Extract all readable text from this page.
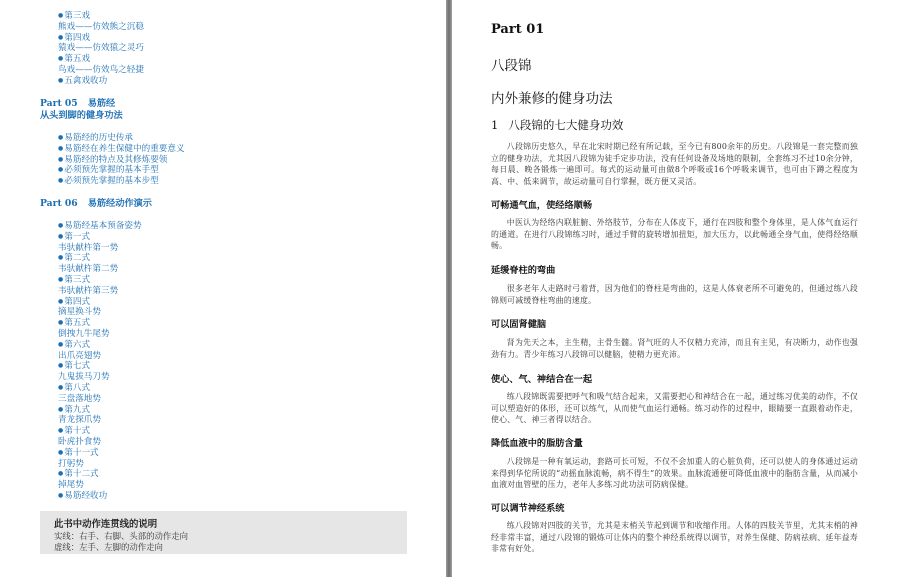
● 第三戏
熊戏——仿效熊之沉稳
● 第四戏
猿戏——仿效猿之灵巧
● 第五戏
鸟戏——仿效鸟之轻捷
● 五禽戏收功
Part 05 易筋经
从头到脚的健身功法
● 易筋经的历史传承
● 易筋经在养生保健中的重要意义
● 易筋经的特点及其修炼要领
● 必须预先掌握的基本手型
● 必须预先掌握的基本步型
Part 06 易筋经动作演示
● 易筋经基本预备姿势
● 第一式
韦驮献杵第一势
● 第二式
韦驮献杵第二势
● 第三式
韦驮献杵第三势
● 第四式
摘星换斗势
● 第五式
倒拽九牛尾势
● 第六式
出爪亮翅势
● 第七式
九鬼拔马刀势
● 第八式
三盘落地势
● 第九式
青龙探爪势
● 第十式
卧虎扑食势
● 第十一式
打躬势
● 第十二式
掉尾势
● 易筋经收功
此书中动作连贯线的说明
实线：右手、右脚、头部的动作走向
虚线：左手、左脚的动作走向
Part 01
八段锦
内外兼修的健身功法
1 八段锦的七大健身功效
八段锦历史悠久，早在北宋时期已经有所记载，至今已有800余年的历史。八段锦是一套完整而独立的健身功法，尤其因八段锦为徒手定步功法，没有任何设备及场地的限制，全套练习不过10余分钟，每日晨、晚各锻炼一遍即可。每式的运动量可由做8个呼吸或16个呼吸来调节，也可由下蹲之程度为高、中、低来调节，故运动量可自行掌握，既方便又灵活。
可畅通气血，使经络顺畅
中医认为经络内联脏腑、外络肢节，分布在人体皮下，通行在四肢和整个身体里，是人体气血运行的通道。在进行八段锦练习时，通过手臂的旋转增加扭矩，加大压力，以此畅通全身气血，使得经络顺畅。
延缓脊柱的弯曲
很多老年人走路时弓着背，因为他们的脊柱是弯曲的，这是人体衰老所不可避免的，但通过练八段锦则可减缓脊柱弯曲的速度。
可以固肾健脑
肾为先天之本，主生精，主骨生髓。肾气旺的人不仅精力充沛，而且有主见，有决断力，动作也强劲有力。青少年练习八段锦可以健脑，使精力更充沛。
使心、气、神结合在一起
练八段锦既需要把呼气和吸气结合起来，又需要把心和神结合在一起，通过练习优美的动作，不仅可以塑造好的体形，还可以练气，从而使气血运行通畅。练习动作的过程中，眼睛要一直跟着动作走，使心、气、神三者得以结合。
降低血液中的脂肪含量
八段锦是一种有氧运动，套路可长可短，不仅不会加重人的心脏负荷，还可以使人的身体通过运动来得到华佗所说的“动摇血脉流畅，病不得生”的效果。血脉流通便可降低血液中的脂肪含量，从而减小血液对血管壁的压力，老年人多练习此功法可防病保健。
可以调节神经系统
练八段锦对四肢的关节，尤其是末梢关节起到调节和收缩作用。人体的四肢关节里，尤其末梢的神经非常丰富，通过八段锦的锻炼可让体内的整个神经系统得以调节，对养生保健、防病祛病、延年益寿非常有好处。
